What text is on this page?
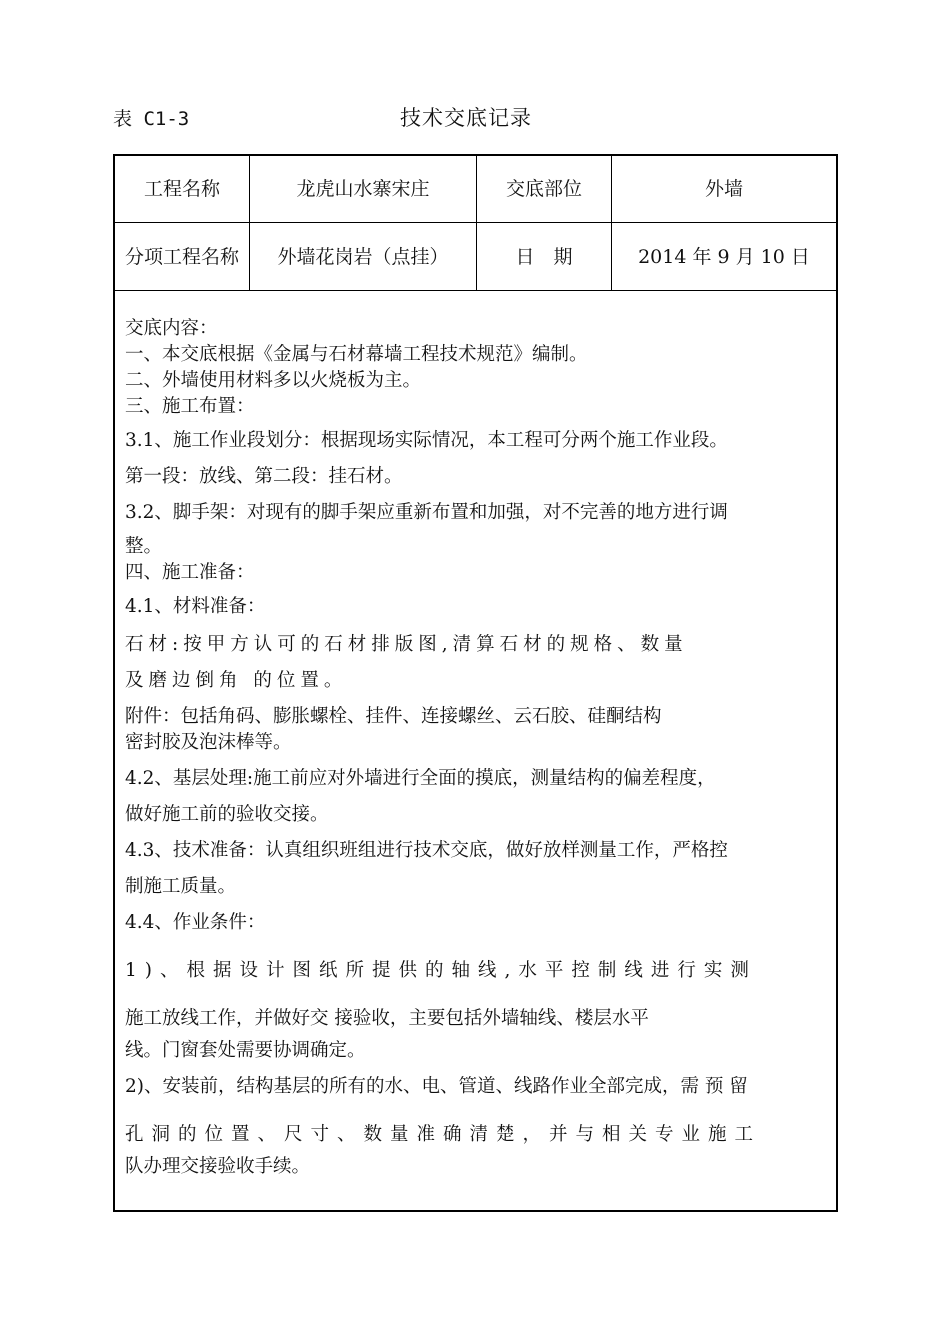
表 C1-3	技术交底记录
工程名称	龙虎山水寨宋庄	交底部位	外墙
分项工程名称	外墙花岗岩（点挂）	日　期	2014 年 9 月 10 日

交底内容：

一、本交底根据《金属与石材幕墙工程技术规范》编制。

二、外墙使用材料多以火烧板为主。

三、施工布置：

3.1、施工作业段划分：根据现场实际情况，本工程可分两个施工作业段。

第一段：放线、第二段：挂石材。

3.2、脚手架：对现有的脚手架应重新布置和加强，对不完善的地方进行调

整。

四、施工准备：

4.1、材料准备：

石材:按甲方认可的石材排版图,清算石材的规格、数量

及磨边倒角 的位置。

附件：包括角码、膨胀螺栓、挂件、连接螺丝、云石胶、硅酮结构

密封胶及泡沫棒等。

4.2、基层处理:施工前应对外墙进行全面的摸底，测量结构的偏差程度，

做好施工前的验收交接。

4.3、技术准备：认真组织班组进行技术交底，做好放样测量工作，严格控

制施工质量。

4.4、作业条件：

1)、根据设计图纸所提供的轴线,水平控制线进行实测

施工放线工作，并做好交 接验收，主要包括外墙轴线、楼层水平

线。门窗套处需要协调确定。

2)、安装前，结构基层的所有的水、电、管道、线路作业全部完成，需 预 留

孔洞的位置、尺寸、数量准确清楚，并与相关专业施工

队办理交接验收手续。
